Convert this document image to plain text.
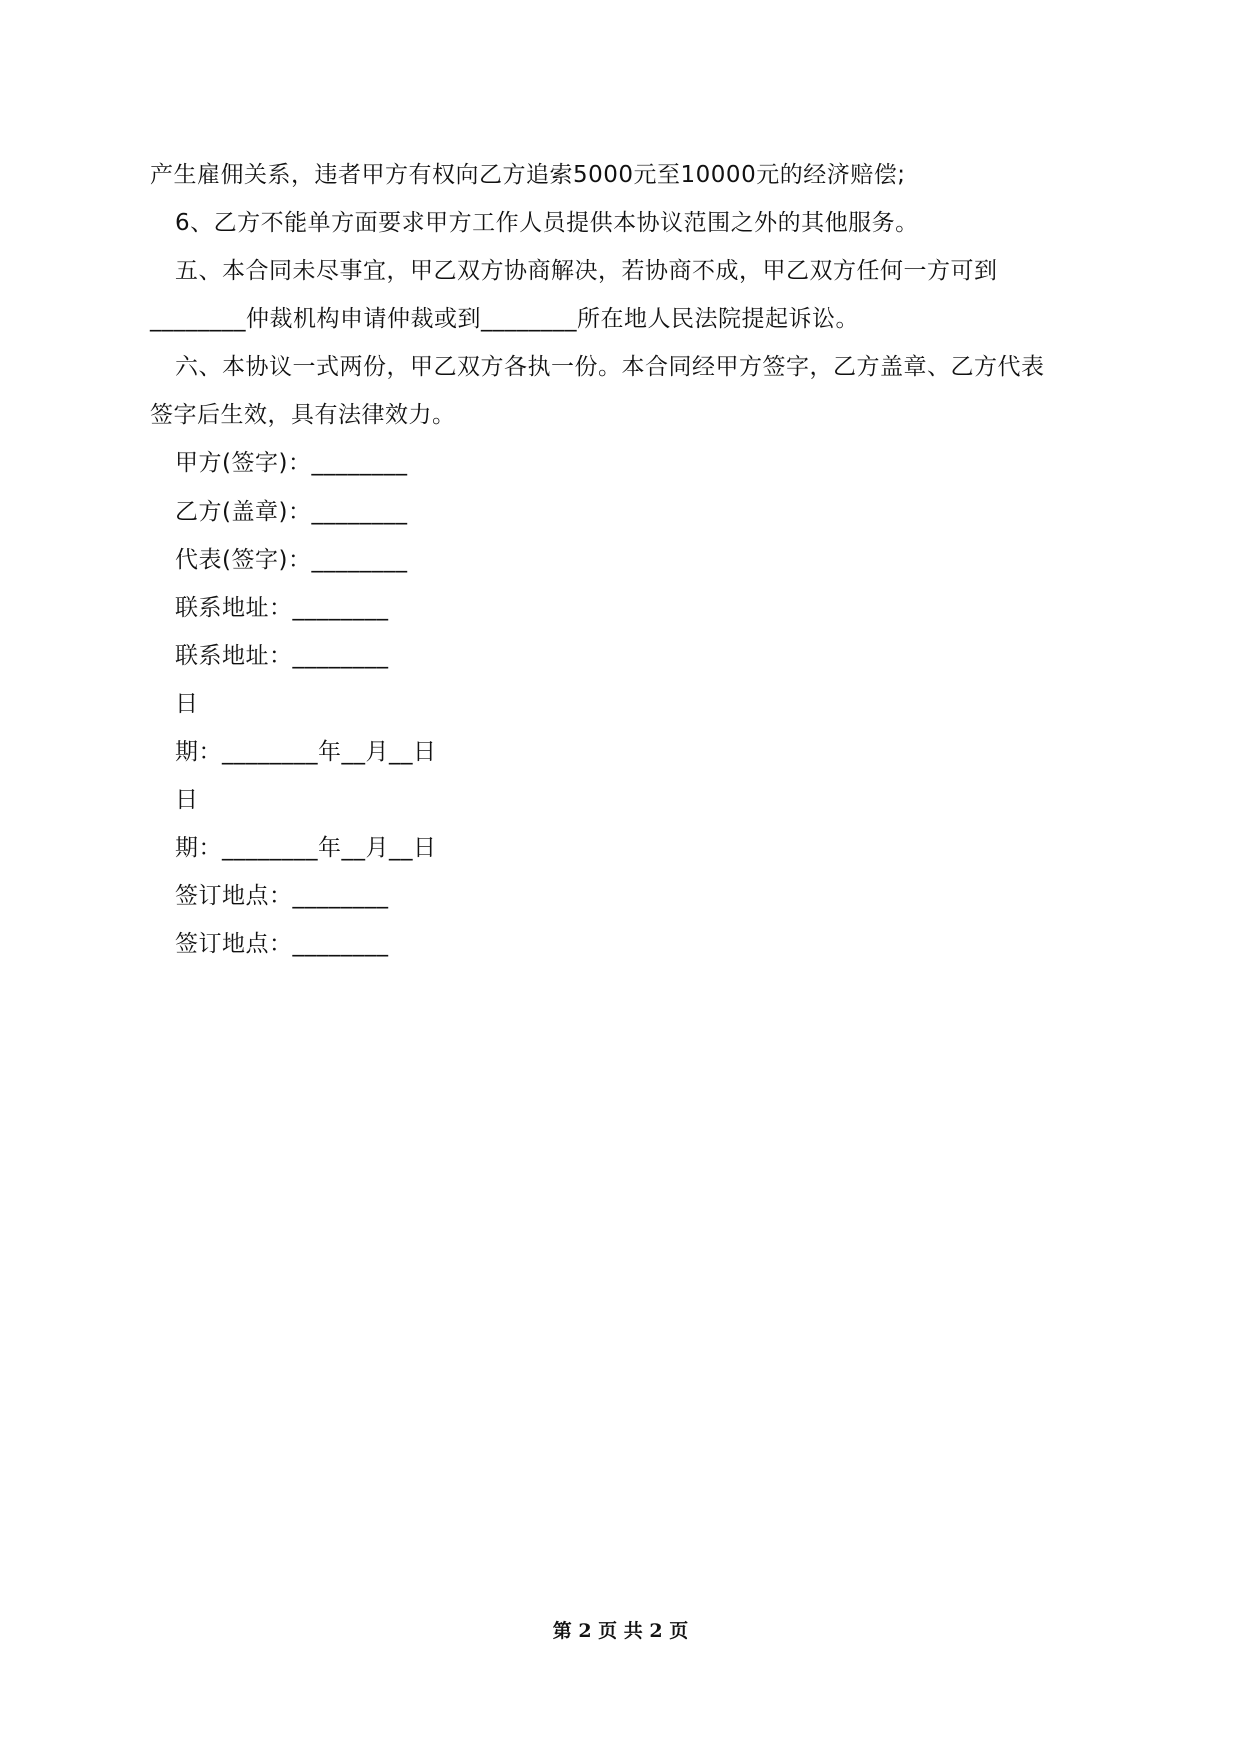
产生雇佣关系，违者甲方有权向乙方追索5000元至10000元的经济赔偿;
6、乙方不能单方面要求甲方工作人员提供本协议范围之外的其他服务。
五、本合同未尽事宜，甲乙双方协商解决，若协商不成，甲乙双方任何一方可到
________仲裁机构申请仲裁或到________所在地人民法院提起诉讼。
六、本协议一式两份，甲乙双方各执一份。本合同经甲方签字，乙方盖章、乙方代表
签字后生效，具有法律效力。
甲方(签字)：________
乙方(盖章)：________
代表(签字)：________
联系地址：________
联系地址：________
日
期：________年__月__日
日
期：________年__月__日
签订地点：________
签订地点：________
第 2 页 共 2 页
